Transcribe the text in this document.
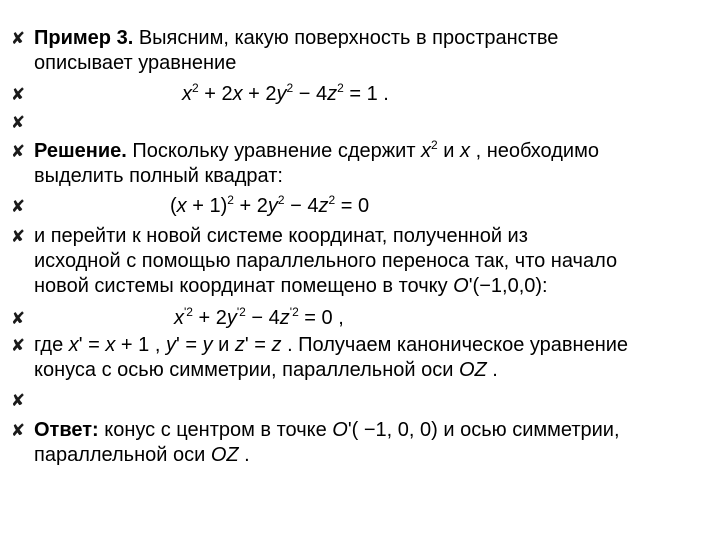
✘ Пример 3. Выясним, какую поверхность в пространстве
описывает уравнение
✘	$x^2 + 2x + 2y^2 - 4z^2 = 1$ .
✘
✘ Решение. Поскольку уравнение сдержит $x^2$ и x , необходимо
выделить полный квадрат:
✘	$(x + 1)^2 + 2y^2 - 4z^2 = 0$
✘ и перейти к новой системе координат, полученной из
исходной с помощью параллельного переноса так, что начало
новой системы координат помещено в точку O'(−1,0,0):
✘	$x^{'2} + 2y^{'2} - 4z^{'2} = 0$ ,
✘ где x' = x + 1 , y' = y и z' = z . Получаем каноническое уравнение
конуса с осью симметрии, параллельной оси OZ .
✘
✘ Ответ: конус с центром в точке O'( −1, 0, 0) и осью симметрии,
параллельной оси OZ .
